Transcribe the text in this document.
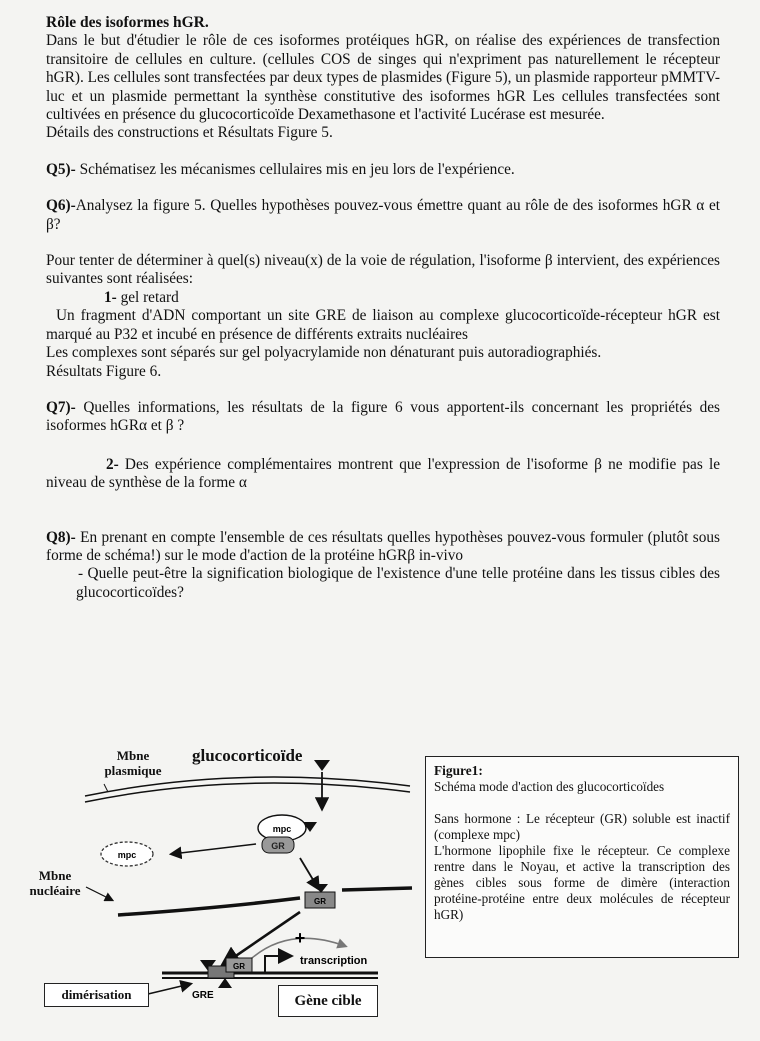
Rôle des isoformes hGR.

Dans le but d'étudier le rôle de ces isoformes protéiques hGR, on réalise des expériences de transfection transitoire de cellules en culture. (cellules COS de singes qui n'expriment pas naturellement le récepteur hGR). Les cellules sont transfectées par deux types de plasmides (Figure 5), un plasmide rapporteur pMMTV-luc et un plasmide permettant la synthèse constitutive des isoformes hGR Les cellules transfectées sont cultivées en présence du glucocorticoïde Dexamethasone et l'activité Lucérase est mesurée.

Détails des constructions et Résultats Figure 5.

Q5)- Schématisez les mécanismes cellulaires mis en jeu lors de l'expérience.

Q6)-Analysez la figure 5. Quelles hypothèses pouvez-vous émettre quant au rôle de des isoformes hGR α et β?

Pour tenter de déterminer à quel(s) niveau(x) de la voie de régulation, l'isoforme β intervient, des expériences suivantes sont réalisées:

1- gel retard

Un fragment d'ADN comportant un site GRE de liaison au complexe glucocorticoïde-récepteur hGR est marqué au P32 et incubé en présence de différents extraits nucléaires

Les complexes sont séparés sur gel polyacrylamide non dénaturant puis autoradiographiés.

Résultats Figure 6.

Q7)- Quelles informations, les résultats de la figure 6 vous apportent-ils concernant les propriétés des isoformes hGRα et β ?

2- Des expérience complémentaires montrent que l'expression de l'isoforme β ne modifie pas le niveau de synthèse de la forme α

Q8)- En prenant en compte l'ensemble de ces résultats quelles hypothèses pouvez-vous formuler (plutôt sous forme de schéma!) sur le mode d'action de la protéine hGRβ in-vivo

- Quelle peut-être la signification biologique de l'existence d'une telle protéine dans les tissus cibles des glucocorticoïdes?

mpc
GR
mpc
GR
+
GR	transcription
GRE
Mbne
plasmique
glucocorticoïde
Mbne
nucléaire
dimérisation	Gène cible

Figure1:

Schéma mode d'action des glucocorticoïdes

Sans hormone : Le récepteur (GR) soluble est inactif (complexe mpc)

L'hormone lipophile fixe le récepteur. Ce complexe rentre dans le Noyau, et active la transcription des gènes cibles sous forme de dimère (interaction protéine-protéine entre deux molécules de récepteur hGR)
